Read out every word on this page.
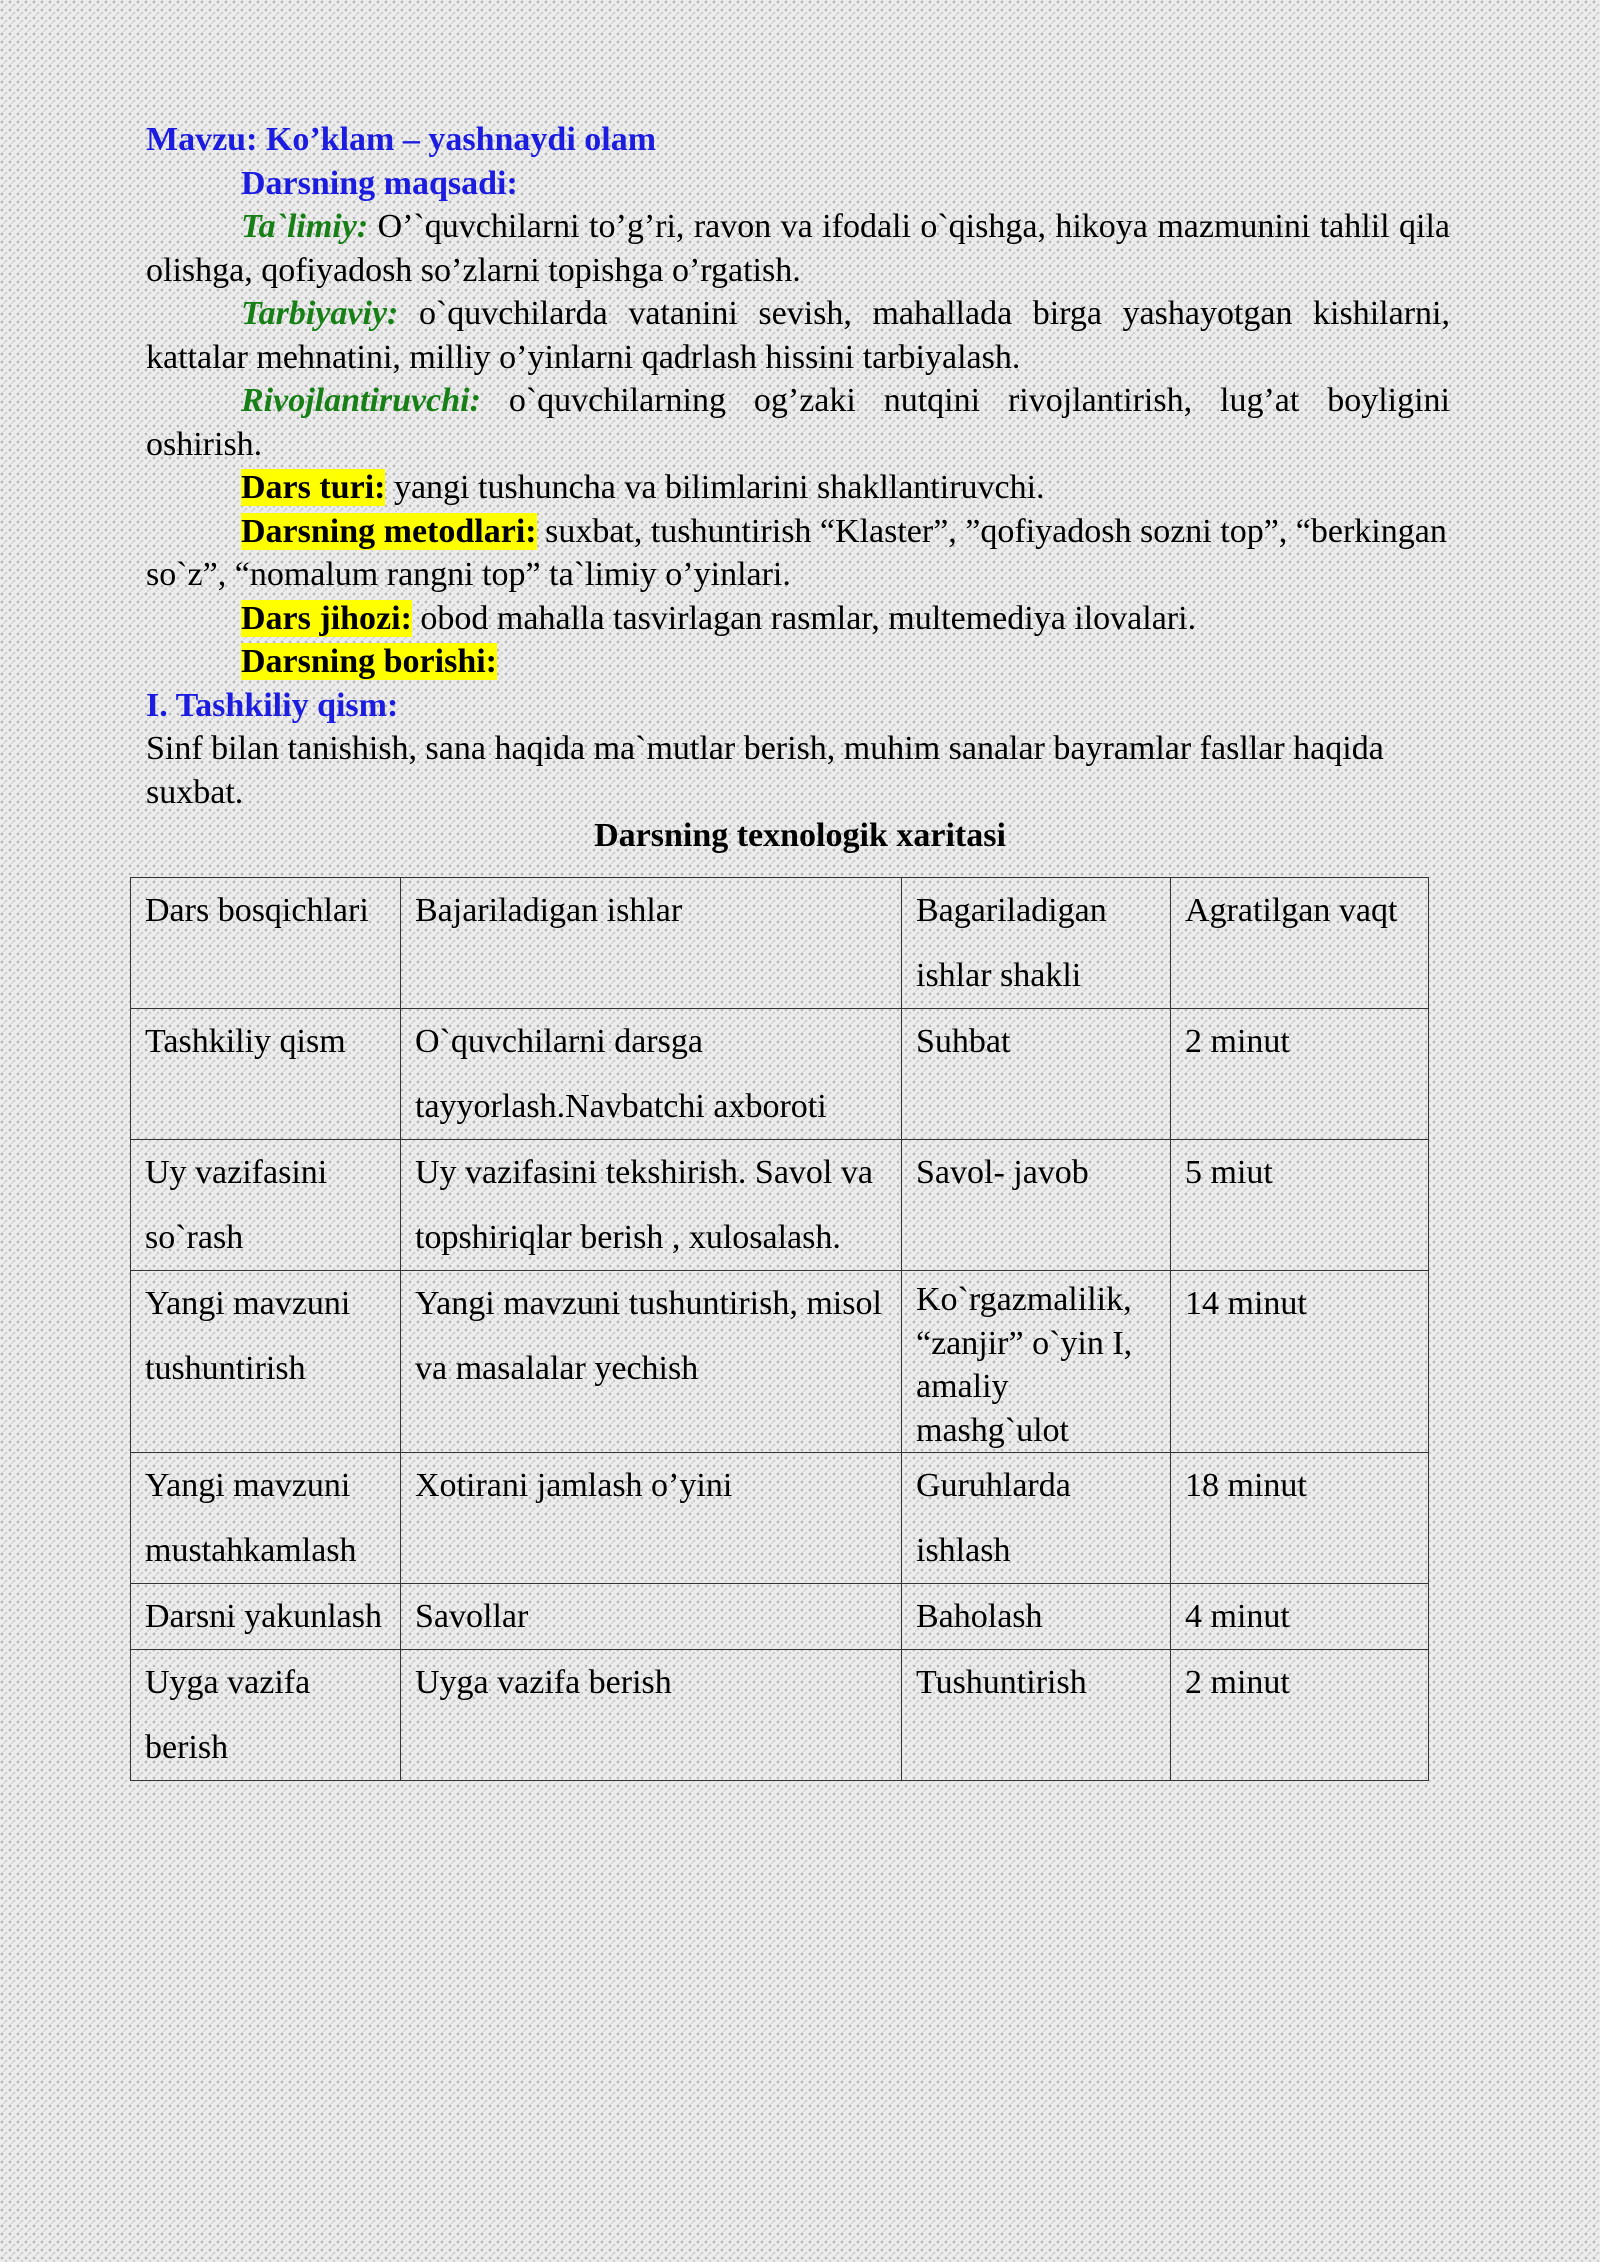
Mavzu: Ko’klam – yashnaydi olam

Darsning maqsadi:

Ta`limiy: O’`quvchilarni to’g’ri, ravon va ifodali o`qishga, hikoya mazmunini tahlil qila olishga, qofiyadosh so’zlarni topishga o’rgatish.

Tarbiyaviy: o`quvchilarda vatanini sevish, mahallada birga yashayotgan kishilarni, kattalar mehnatini, milliy o’yinlarni qadrlash hissini tarbiyalash.

Rivojlantiruvchi: o`quvchilarning og’zaki nutqini rivojlantirish, lug’at boyligini oshirish.

Dars turi: yangi tushuncha va bilimlarini shakllantiruvchi.

Darsning metodlari: suxbat, tushuntirish “Klaster”, ”qofiyadosh sozni top”, “berkingan so`z”, “nomalum rangni top” ta`limiy o’yinlari.

Dars jihozi: obod mahalla tasvirlagan rasmlar, multemediya ilovalari.

Darsning borishi:

I. Tashkiliy qism:

Sinf bilan tanishish, sana haqida ma`mutlar berish, muhim sanalar bayramlar fasllar haqida suxbat.

Darsning texnologik xaritasi

Dars bosqichlari	Bajariladigan ishlar	Bagariladigan ishlar shakli	Agratilgan vaqt
Tashkiliy qism	O`quvchilarni darsga tayyorlash.Navbatchi axboroti	Suhbat	2 minut
Uy vazifasini so`rash	Uy vazifasini tekshirish. Savol va topshiriqlar berish , xulosalash.	Savol- javob	5 miut
Yangi mavzuni tushuntirish	Yangi mavzuni tushuntirish, misol va masalalar yechish	Ko`rgazmalilik, “zanjir” o`yin I, amaliy mashg`ulot	14 minut
Yangi mavzuni mustahkamlash	Xotirani jamlash o’yini	Guruhlarda ishlash	18 minut
Darsni yakunlash	Savollar	Baholash	4 minut
Uyga vazifa berish	Uyga vazifa berish	Tushuntirish	2 minut
